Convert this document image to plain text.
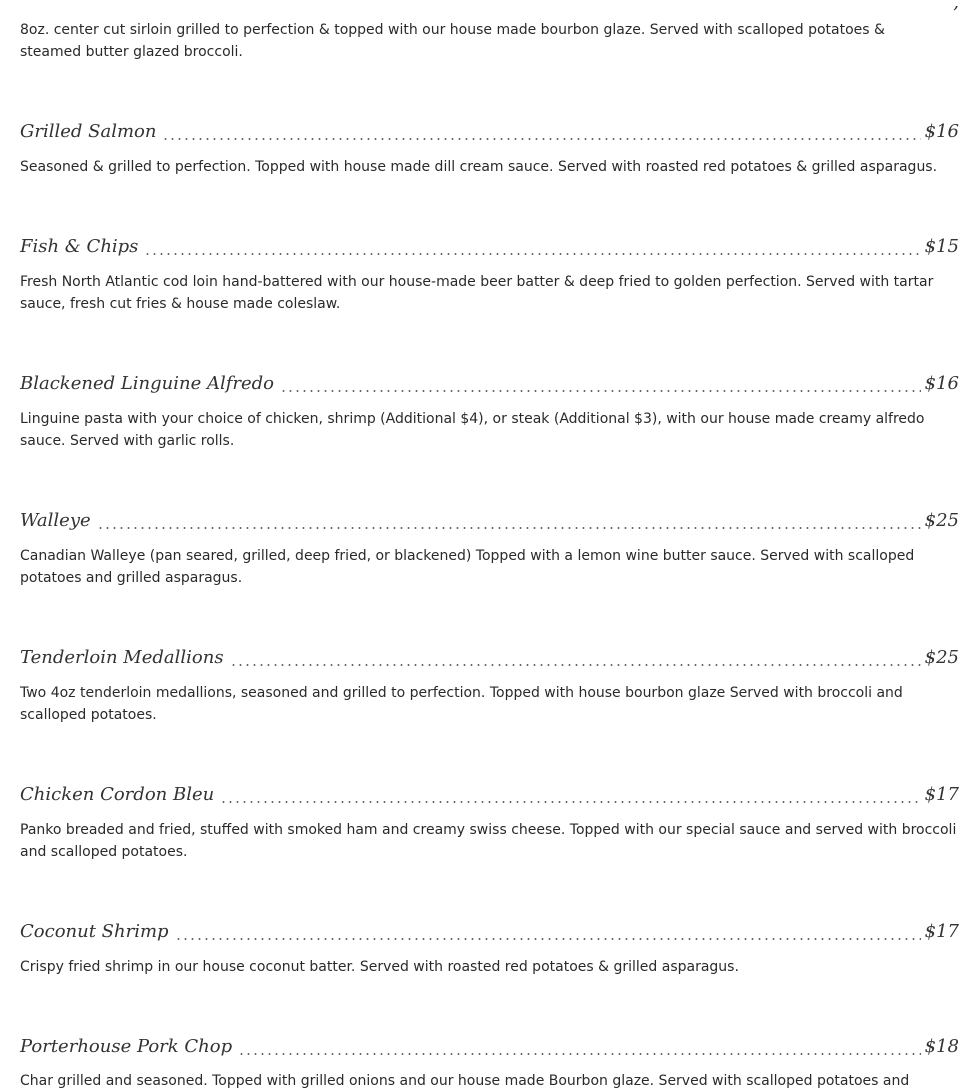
,

8oz. center cut sirloin grilled to perfection & topped with our house made bourbon glaze. Served with scalloped potatoes & steamed butter glazed broccoli.

Grilled Salmon	$16

Seasoned & grilled to perfection. Topped with house made dill cream sauce. Served with roasted red potatoes & grilled asparagus.

Fish & Chips	$15

Fresh North Atlantic cod loin hand-battered with our house-made beer batter & deep fried to golden perfection. Served with tartar sauce, fresh cut fries & house made coleslaw.

Blackened Linguine Alfredo	$16

Linguine pasta with your choice of chicken, shrimp (Additional $4), or steak (Additional $3), with our house made creamy alfredo sauce. Served with garlic rolls.

Walleye	$25

Canadian Walleye (pan seared, grilled, deep fried, or blackened) Topped with a lemon wine butter sauce. Served with scalloped potatoes and grilled asparagus.

Tenderloin Medallions	$25

Two 4oz tenderloin medallions, seasoned and grilled to perfection. Topped with house bourbon glaze Served with broccoli and scalloped potatoes.

Chicken Cordon Bleu	$17

Panko breaded and fried, stuffed with smoked ham and creamy swiss cheese. Topped with our special sauce and served with broccoli and scalloped potatoes.

Coconut Shrimp	$17

Crispy fried shrimp in our house coconut batter. Served with roasted red potatoes & grilled asparagus.

Porterhouse Pork Chop	$18

Char grilled and seasoned. Topped with grilled onions and our house made Bourbon glaze. Served with scalloped potatoes and
